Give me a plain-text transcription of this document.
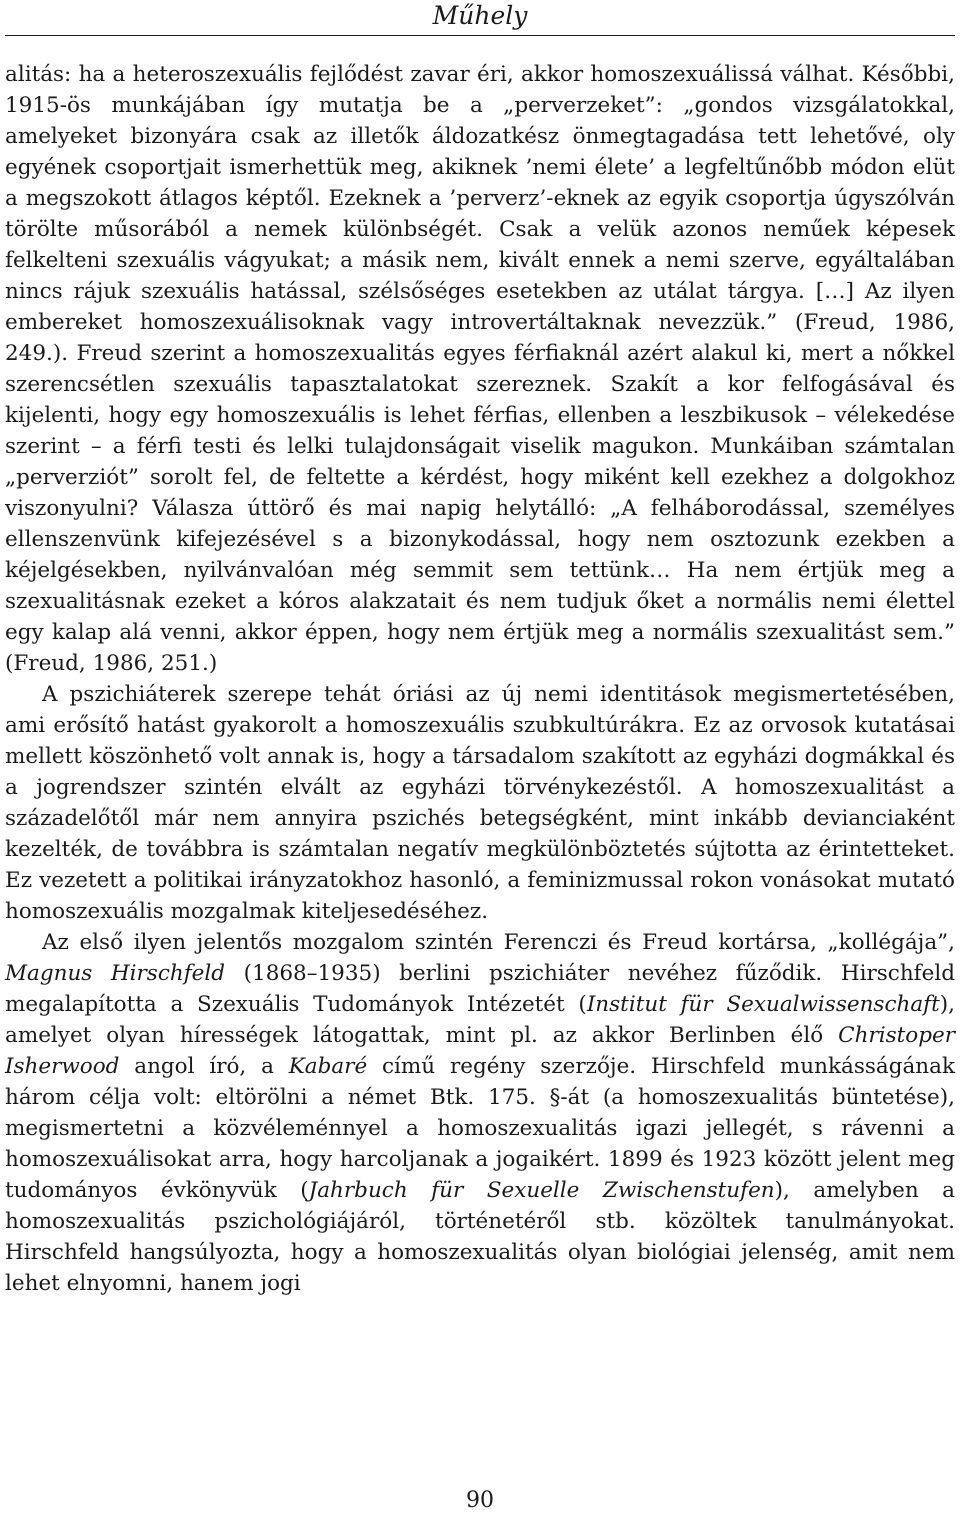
Műhely

alitás: ha a heteroszexuális fejlődést zavar éri, akkor homoszexuálissá válhat. Későbbi, 1915-ös munkájában így mutatja be a „perverzeket”: „gondos vizsgálatokkal, amelyeket bizonyára csak az illetők áldozatkész önmegtagadása tett lehetővé, oly egyének csoportjait ismerhettük meg, akiknek ’nemi élete’ a legfeltűnőbb módon elüt a megszokott átlagos képtől. Ezeknek a ’perverz’-eknek az egyik csoportja úgyszólván törölte műsorából a nemek különbségét. Csak a velük azonos neműek képesek felkelteni szexuális vágyukat; a másik nem, kivált ennek a nemi szerve, egyáltalában nincs rájuk szexuális hatással, szélsőséges esetekben az utálat tárgya. […] Az ilyen embereket homoszexuálisoknak vagy introvertáltaknak nevezzük.” (Freud, 1986, 249.). Freud szerint a homoszexualitás egyes férfiaknál azért alakul ki, mert a nőkkel szerencsétlen szexuális tapasztalatokat szereznek. Szakít a kor felfogásával és kijelenti, hogy egy homoszexuális is lehet férfias, ellenben a leszbikusok – vélekedése szerint – a férfi testi és lelki tulajdonságait viselik magukon. Munkáiban számtalan „perverziót” sorolt fel, de feltette a kérdést, hogy miként kell ezekhez a dolgokhoz viszonyulni? Válasza úttörő és mai napig helytálló: „A felháborodással, személyes ellenszenvünk kifejezésével s a bizonykodással, hogy nem osztozunk ezekben a kéjelgésekben, nyilvánvalóan még semmit sem tettünk… Ha nem értjük meg a szexualitásnak ezeket a kóros alakzatait és nem tudjuk őket a normális nemi élettel egy kalap alá venni, akkor éppen, hogy nem értjük meg a normális szexualitást sem.” (Freud, 1986, 251.)

A pszichiáterek szerepe tehát óriási az új nemi identitások megismertetésében, ami erősítő hatást gyakorolt a homoszexuális szubkultúrákra. Ez az orvosok kutatásai mellett köszönhető volt annak is, hogy a társadalom szakított az egyházi dogmákkal és a jogrendszer szintén elvált az egyházi törvénykezéstől. A homoszexualitást a századelőtől már nem annyira pszichés betegségként, mint inkább devianciaként kezelték, de továbbra is számtalan negatív megkülönböztetés sújtotta az érintetteket. Ez vezetett a politikai irányzatokhoz hasonló, a feminizmussal rokon vonásokat mutató homoszexuális mozgalmak kiteljesedéséhez.

Az első ilyen jelentős mozgalom szintén Ferenczi és Freud kortársa, „kollégája”, Magnus Hirschfeld (1868–1935) berlini pszichiáter nevéhez fűződik. Hirschfeld megalapította a Szexuális Tudományok Intézetét (Institut für Sexualwissenschaft), amelyet olyan hírességek látogattak, mint pl. az akkor Berlinben élő Christoper Isherwood angol író, a Kabaré című regény szerzője. Hirschfeld munkásságának három célja volt: eltörölni a német Btk. 175. §-át (a homoszexualitás büntetése), megismertetni a közvéleménnyel a homoszexualitás igazi jellegét, s rávenni a homoszexuálisokat arra, hogy harcoljanak a jogaikért. 1899 és 1923 között jelent meg tudományos évkönyvük (Jahrbuch für Sexuelle Zwischenstufen), amelyben a homoszexualitás pszichológiájáról, történetéről stb. közöltek tanulmányokat. Hirschfeld hangsúlyozta, hogy a homoszexualitás olyan biológiai jelenség, amit nem lehet elnyomni, hanem jogi

90
